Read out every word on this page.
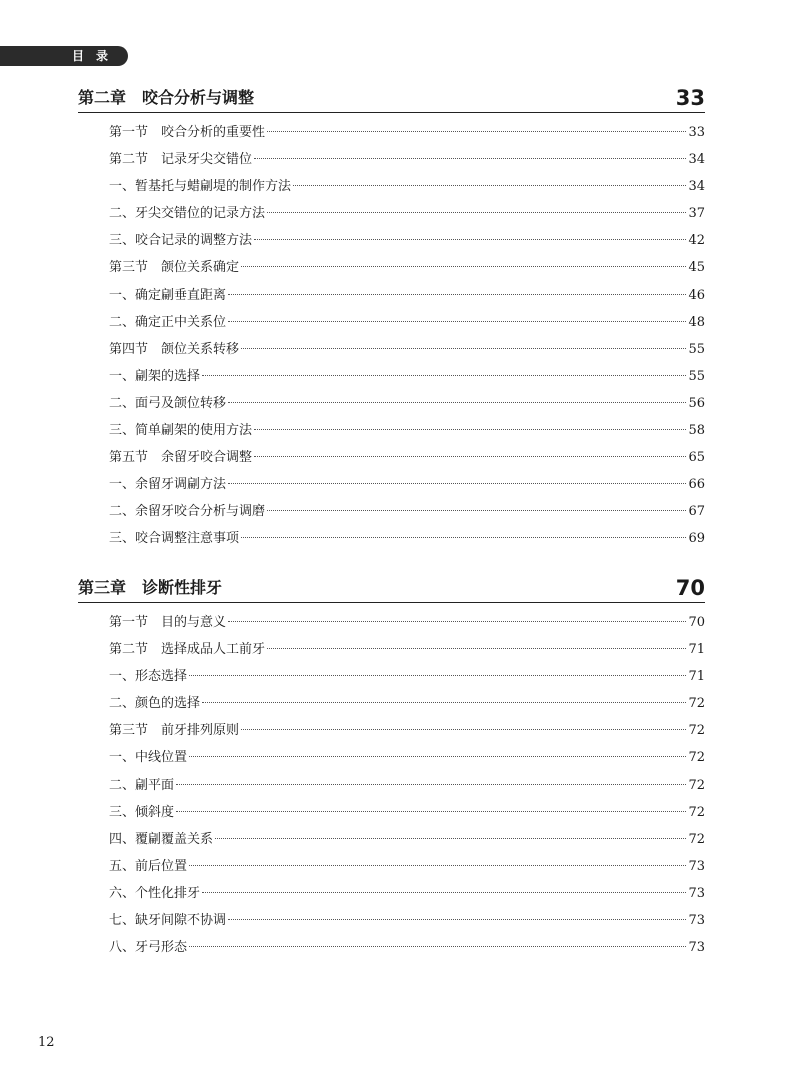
目录
第二章　咬合分析与调整	33
第一节　咬合分析的重要性	33
第二节　记录牙尖交错位	34
一、暂基托与蜡㓲堤的制作方法	34
二、牙尖交错位的记录方法	37
三、咬合记录的调整方法	42
第三节　颌位关系确定	45
一、确定㓲垂直距离	46
二、确定正中关系位	48
第四节　颌位关系转移	55
一、㓲架的选择	55
二、面弓及颌位转移	56
三、简单㓲架的使用方法	58
第五节　余留牙咬合调整	65
一、余留牙调㓲方法	66
二、余留牙咬合分析与调磨	67
三、咬合调整注意事项	69
第三章　诊断性排牙	70
第一节　目的与意义	70
第二节　选择成品人工前牙	71
一、形态选择	71
二、颜色的选择	72
第三节　前牙排列原则	72
一、中线位置	72
二、㓲平面	72
三、倾斜度	72
四、覆㓲覆盖关系	72
五、前后位置	73
六、个性化排牙	73
七、缺牙间隙不协调	73
八、牙弓形态	73
12
